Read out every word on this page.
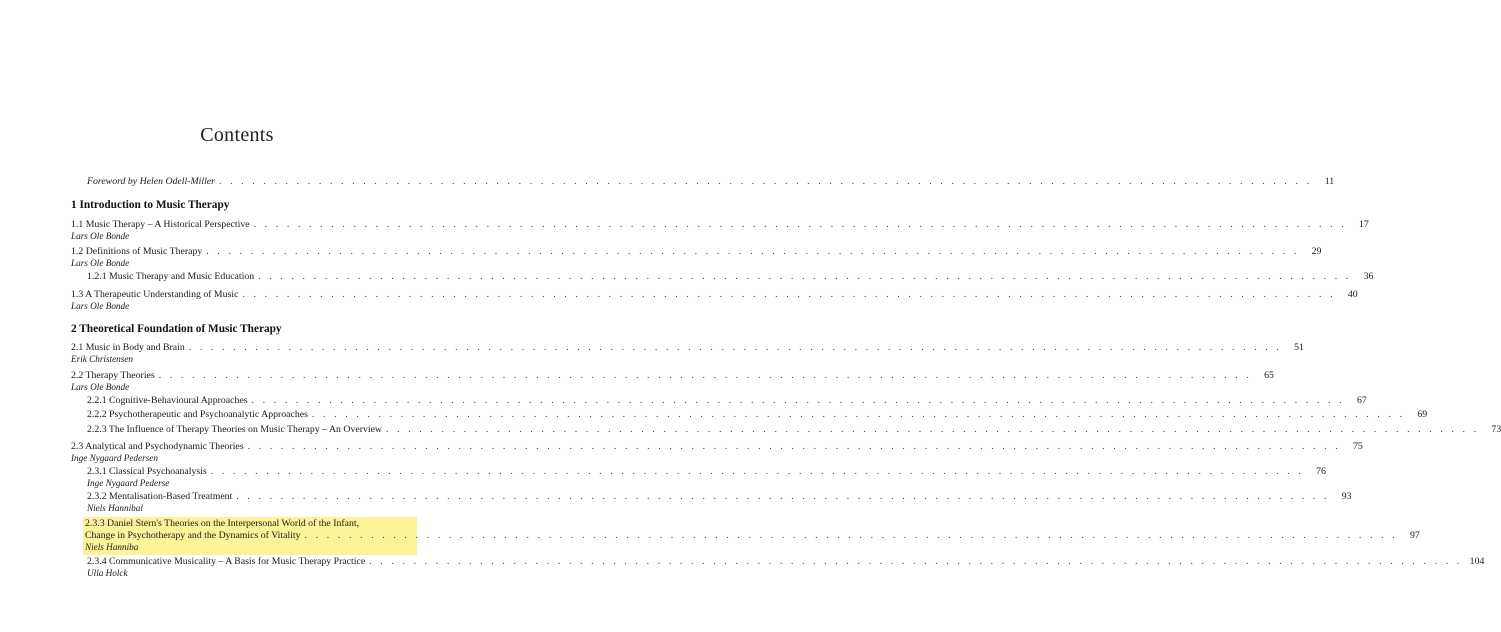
Contents
Foreword by Helen Odell-Miller . . . . . . . . . . . . . . . . . . . . . . . . . . . . . . . . . . . . . . . . . . . . . . . . . . . . . . . . . . . . . . . . . . . . . . . . . . . . . . . . . . . . . . . . . . . . . . . . . . .	11
1 Introduction to Music Therapy
1.1 Music Therapy – A Historical Perspective . . . . . . . . . . . . . . . . . . . . . . . . . . . . . . . . . . . . . . . . . . . . . . . . . . . . . . . . . . . . . . . . . . . . . . . . . . . . . . . . . . . . . . . . . . . . . . . . . . .	17
Lars Ole Bonde
1.2 Definitions of Music Therapy . . . . . . . . . . . . . . . . . . . . . . . . . . . . . . . . . . . . . . . . . . . . . . . . . . . . . . . . . . . . . . . . . . . . . . . . . . . . . . . . . . . . . . . . . . . . . . . . . . .	29
Lars Ole Bonde
1.2.1 Music Therapy and Music Education . . . . . . . . . . . . . . . . . . . . . . . . . . . . . . . . . . . . . . . . . . . . . . . . . . . . . . . . . . . . . . . . . . . . . . . . . . . . . . . . . . . . . . . . . . . . . . . . . . .	36
1.3 A Therapeutic Understanding of Music . . . . . . . . . . . . . . . . . . . . . . . . . . . . . . . . . . . . . . . . . . . . . . . . . . . . . . . . . . . . . . . . . . . . . . . . . . . . . . . . . . . . . . . . . . . . . . . . . . .	40
Lars Ole Bonde
2 Theoretical Foundation of Music Therapy
2.1 Music in Body and Brain . . . . . . . . . . . . . . . . . . . . . . . . . . . . . . . . . . . . . . . . . . . . . . . . . . . . . . . . . . . . . . . . . . . . . . . . . . . . . . . . . . . . . . . . . . . . . . . . . . .	51
Erik Christensen
2.2 Therapy Theories . . . . . . . . . . . . . . . . . . . . . . . . . . . . . . . . . . . . . . . . . . . . . . . . . . . . . . . . . . . . . . . . . . . . . . . . . . . . . . . . . . . . . . . . . . . . . . . . . . .	65
Lars Ole Bonde
2.2.1 Cognitive-Behavioural Approaches . . . . . . . . . . . . . . . . . . . . . . . . . . . . . . . . . . . . . . . . . . . . . . . . . . . . . . . . . . . . . . . . . . . . . . . . . . . . . . . . . . . . . . . . . . . . . . . . . . .	67
2.2.2 Psychotherapeutic and Psychoanalytic Approaches . . . . . . . . . . . . . . . . . . . . . . . . . . . . . . . . . . . . . . . . . . . . . . . . . . . . . . . . . . . . . . . . . . . . . . . . . . . . . . . . . . . . . . . . . . . . . . . . . . .	69
2.2.3 The Influence of Therapy Theories on Music Therapy – An Overview . . . . . . . . . . . . . . . . . . . . . . . . . . . . . . . . . . . . . . . . . . . . . . . . . . . . . . . . . . . . . . . . . . . . . . . . . . . . . . . . . . . . . . . . . . . . . . . . . . .	73
2.3 Analytical and Psychodynamic Theories . . . . . . . . . . . . . . . . . . . . . . . . . . . . . . . . . . . . . . . . . . . . . . . . . . . . . . . . . . . . . . . . . . . . . . . . . . . . . . . . . . . . . . . . . . . . . . . . . . .	75
Inge Nygaard Pedersen
2.3.1 Classical Psychoanalysis . . . . . . . . . . . . . . . . . . . . . . . . . . . . . . . . . . . . . . . . . . . . . . . . . . . . . . . . . . . . . . . . . . . . . . . . . . . . . . . . . . . . . . . . . . . . . . . . . . .	76
Inge Nygaard Pederse
2.3.2 Mentalisation-Based Treatment . . . . . . . . . . . . . . . . . . . . . . . . . . . . . . . . . . . . . . . . . . . . . . . . . . . . . . . . . . . . . . . . . . . . . . . . . . . . . . . . . . . . . . . . . . . . . . . . . . .	93
Niels Hannibal
2.3.3 Daniel Stern's Theories on the Interpersonal World of the Infant,
Change in Psychotherapy and the Dynamics of Vitality . . . . . . . . . . . . . . . . . . . . . . . . . . . . . . . . . . . . . . . . . . . . . . . . . . . . . . . . . . . . . . . . . . . . . . . . . . . . . . . . . . . . . . . . . . . . . . . . . . .	97
Niels Hanniba
2.3.4 Communicative Musicality – A Basis for Music Therapy Practice . . . . . . . . . . . . . . . . . . . . . . . . . . . . . . . . . . . . . . . . . . . . . . . . . . . . . . . . . . . . . . . . . . . . . . . . . . . . . . . . . . . . . . . . . . . . . . . . . . . 104
Ulla Holck
